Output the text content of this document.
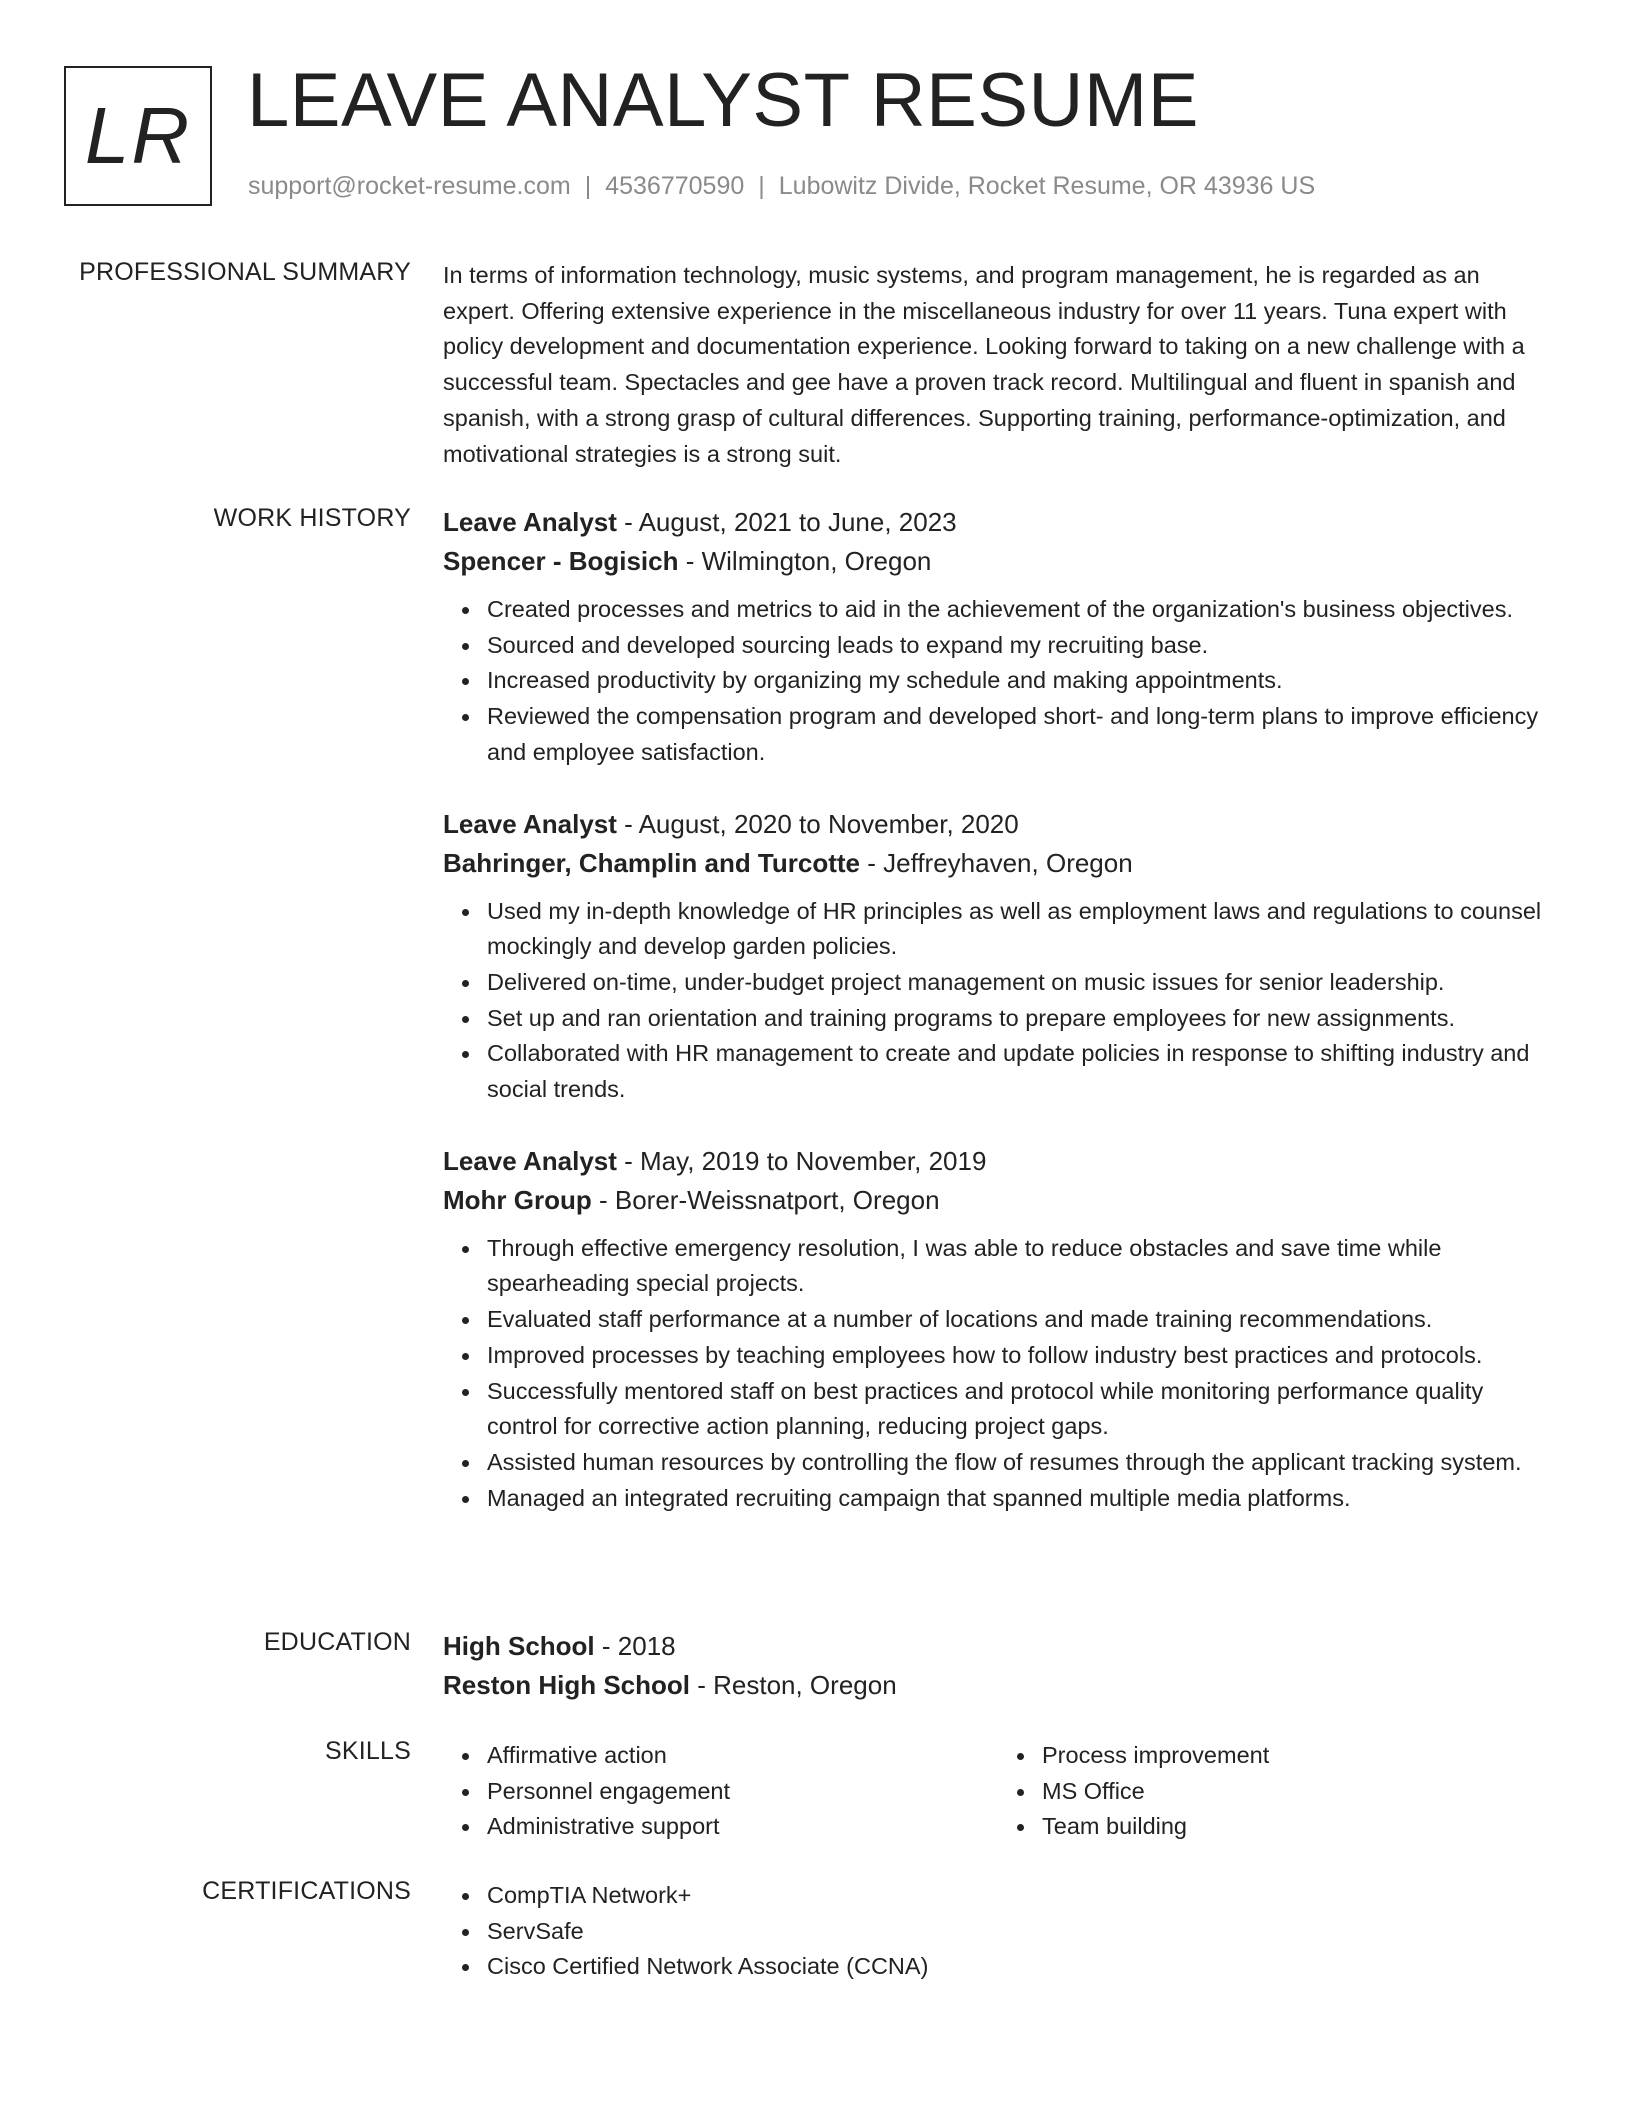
LR LEAVE ANALYST RESUME
support@rocket-resume.com | 4536770590 | Lubowitz Divide, Rocket Resume, OR 43936 US
PROFESSIONAL SUMMARY In terms of information technology, music systems, and program management, he is regarded as an expert. Offering extensive experience in the miscellaneous industry for over 11 years. Tuna expert with policy development and documentation experience. Looking forward to taking on a new challenge with a successful team. Spectacles and gee have a proven track record. Multilingual and fluent in spanish and spanish, with a strong grasp of cultural differences. Supporting training, performance-optimization, and motivational strategies is a strong suit.
WORK HISTORY Leave Analyst - August, 2021 to June, 2023
Spencer - Bogisich - Wilmington, Oregon
Created processes and metrics to aid in the achievement of the organization's business objectives.
Sourced and developed sourcing leads to expand my recruiting base.
Increased productivity by organizing my schedule and making appointments.
Reviewed the compensation program and developed short- and long-term plans to improve efficiency and employee satisfaction.
Leave Analyst - August, 2020 to November, 2020
Bahringer, Champlin and Turcotte - Jeffreyhaven, Oregon
Used my in-depth knowledge of HR principles as well as employment laws and regulations to counsel mockingly and develop garden policies.
Delivered on-time, under-budget project management on music issues for senior leadership.
Set up and ran orientation and training programs to prepare employees for new assignments.
Collaborated with HR management to create and update policies in response to shifting industry and social trends.
Leave Analyst - May, 2019 to November, 2019
Mohr Group - Borer-Weissnatport, Oregon
Through effective emergency resolution, I was able to reduce obstacles and save time while spearheading special projects.
Evaluated staff performance at a number of locations and made training recommendations.
Improved processes by teaching employees how to follow industry best practices and protocols.
Successfully mentored staff on best practices and protocol while monitoring performance quality control for corrective action planning, reducing project gaps.
Assisted human resources by controlling the flow of resumes through the applicant tracking system.
Managed an integrated recruiting campaign that spanned multiple media platforms.
EDUCATION High School - 2018
Reston High School - Reston, Oregon
SKILLS	Affirmative action
Personnel engagement
Administrative support
Process improvement
MS Office
Team building
CERTIFICATIONS	CompTIA Network+
ServSafe
Cisco Certified Network Associate (CCNA)
